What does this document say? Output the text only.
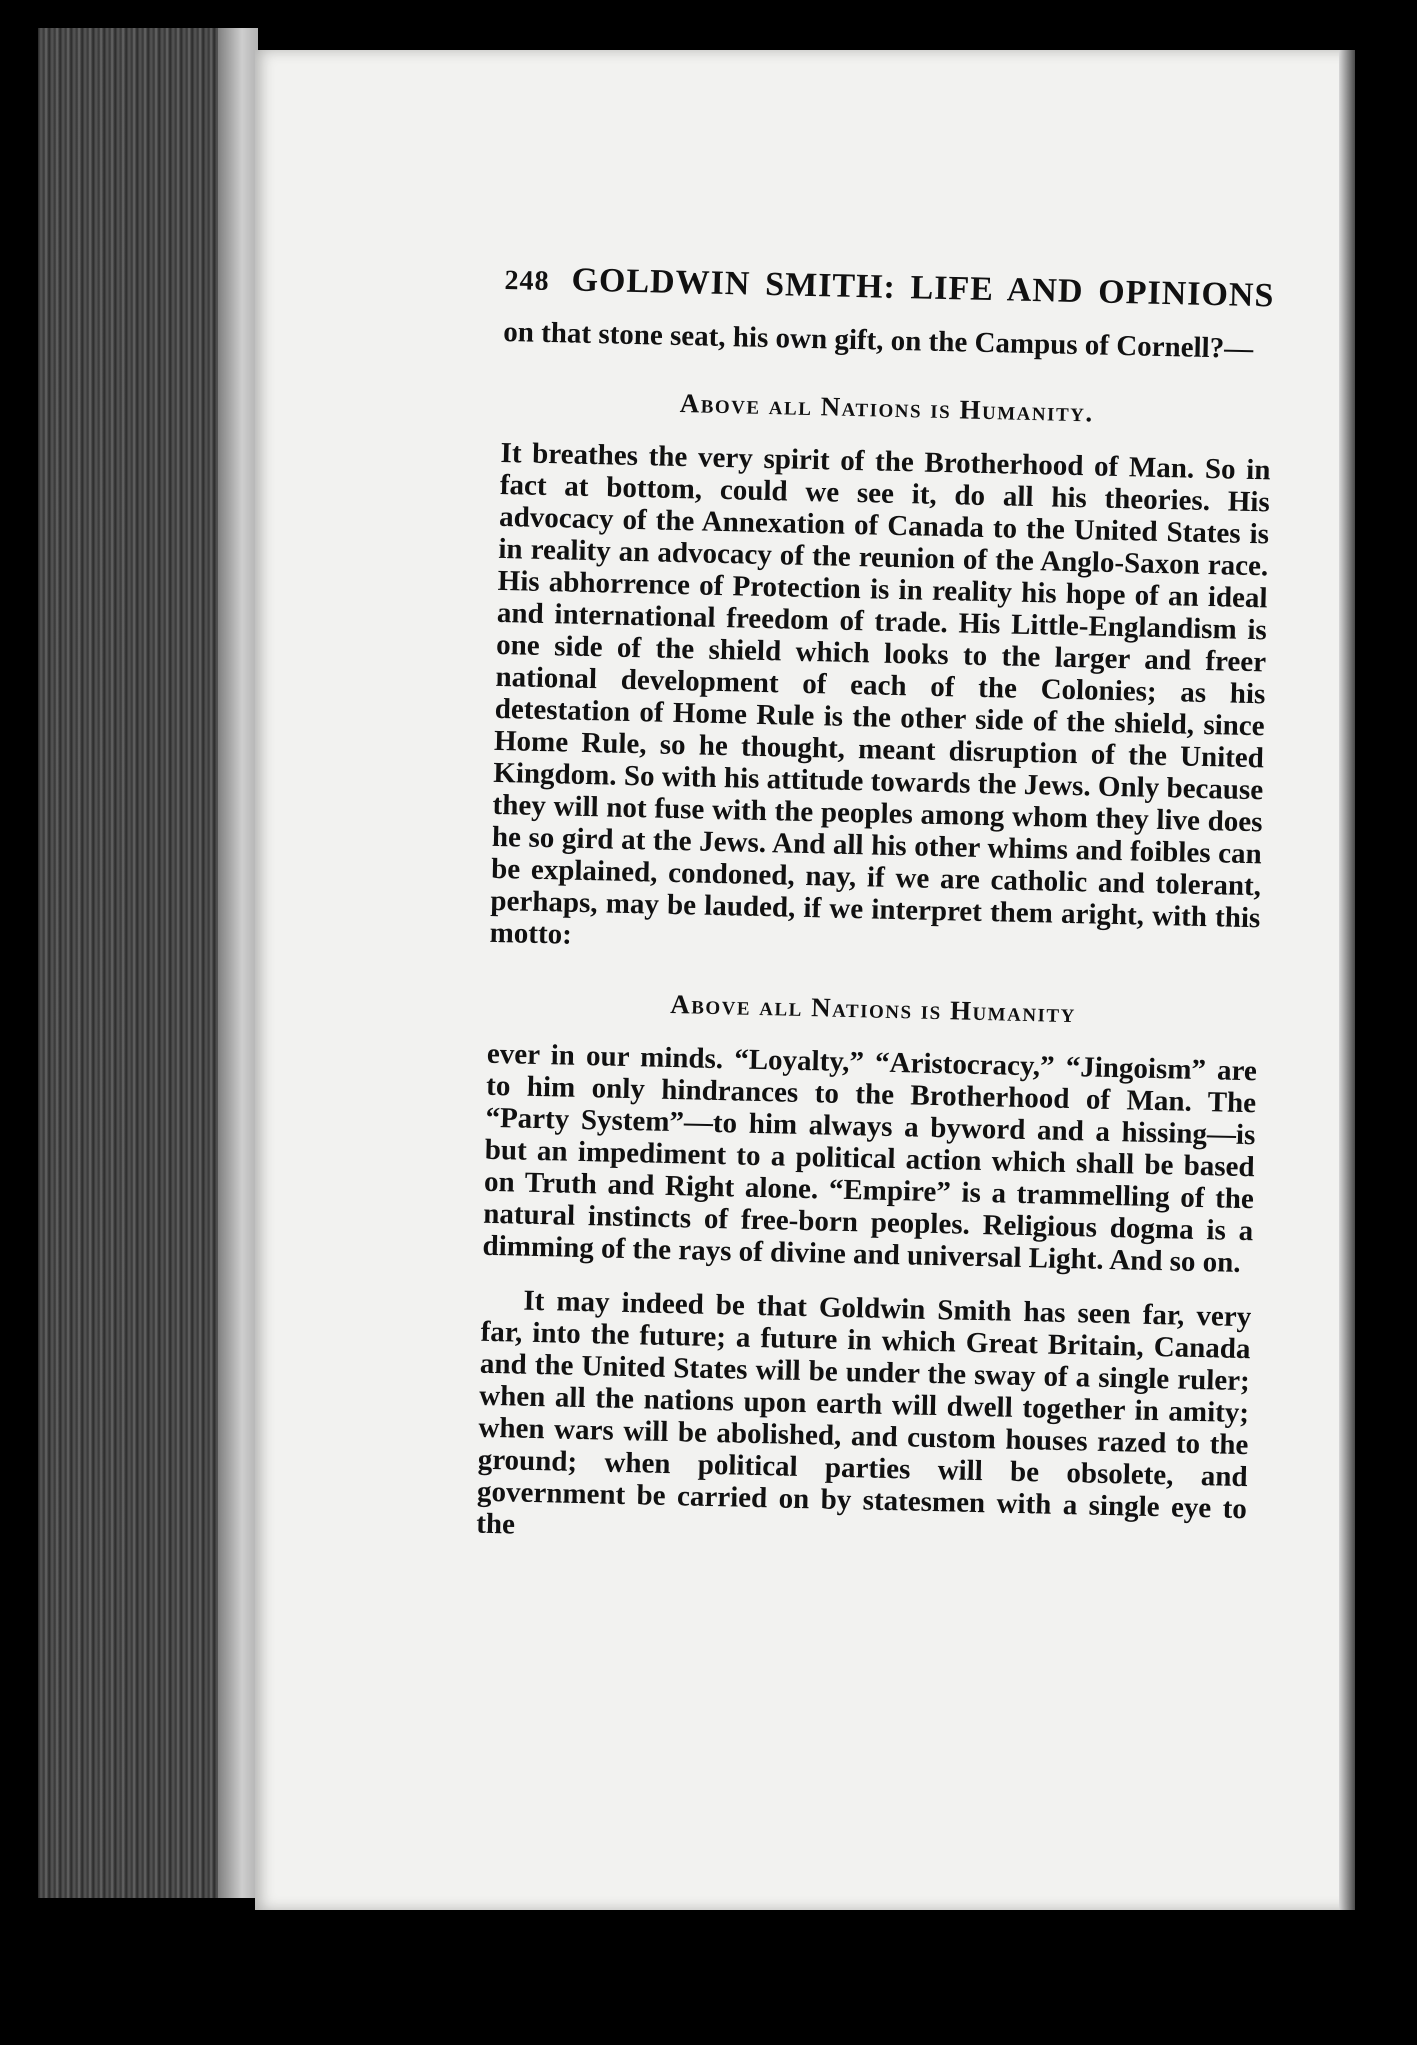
248 GOLDWIN SMITH: LIFE AND OPINIONS

on that stone seat, his own gift, on the Campus of Cornell?—

Above all Nations is Humanity.

It breathes the very spirit of the Brotherhood of Man. So in fact at bottom, could we see it, do all his theories. His advocacy of the Annexation of Canada to the United States is in reality an advocacy of the reunion of the Anglo-Saxon race. His abhorrence of Protection is in reality his hope of an ideal and international freedom of trade. His Little-Englandism is one side of the shield which looks to the larger and freer national development of each of the Colonies; as his detestation of Home Rule is the other side of the shield, since Home Rule, so he thought, meant disruption of the United Kingdom. So with his attitude towards the Jews. Only because they will not fuse with the peoples among whom they live does he so gird at the Jews. And all his other whims and foibles can be explained, condoned, nay, if we are catholic and tolerant, perhaps, may be lauded, if we interpret them aright, with this motto:

Above all Nations is Humanity

ever in our minds. “Loyalty,” “Aristocracy,” “Jingoism” are to him only hindrances to the Brotherhood of Man. The “Party System”—to him always a byword and a hissing—is but an impediment to a political action which shall be based on Truth and Right alone. “Empire” is a trammelling of the natural instincts of free-born peoples. Religious dogma is a dimming of the rays of divine and universal Light. And so on.

It may indeed be that Goldwin Smith has seen far, very far, into the future; a future in which Great Britain, Canada and the United States will be under the sway of a single ruler; when all the nations upon earth will dwell together in amity; when wars will be abolished, and custom houses razed to the ground; when political parties will be obsolete, and government be carried on by statesmen with a single eye to the
